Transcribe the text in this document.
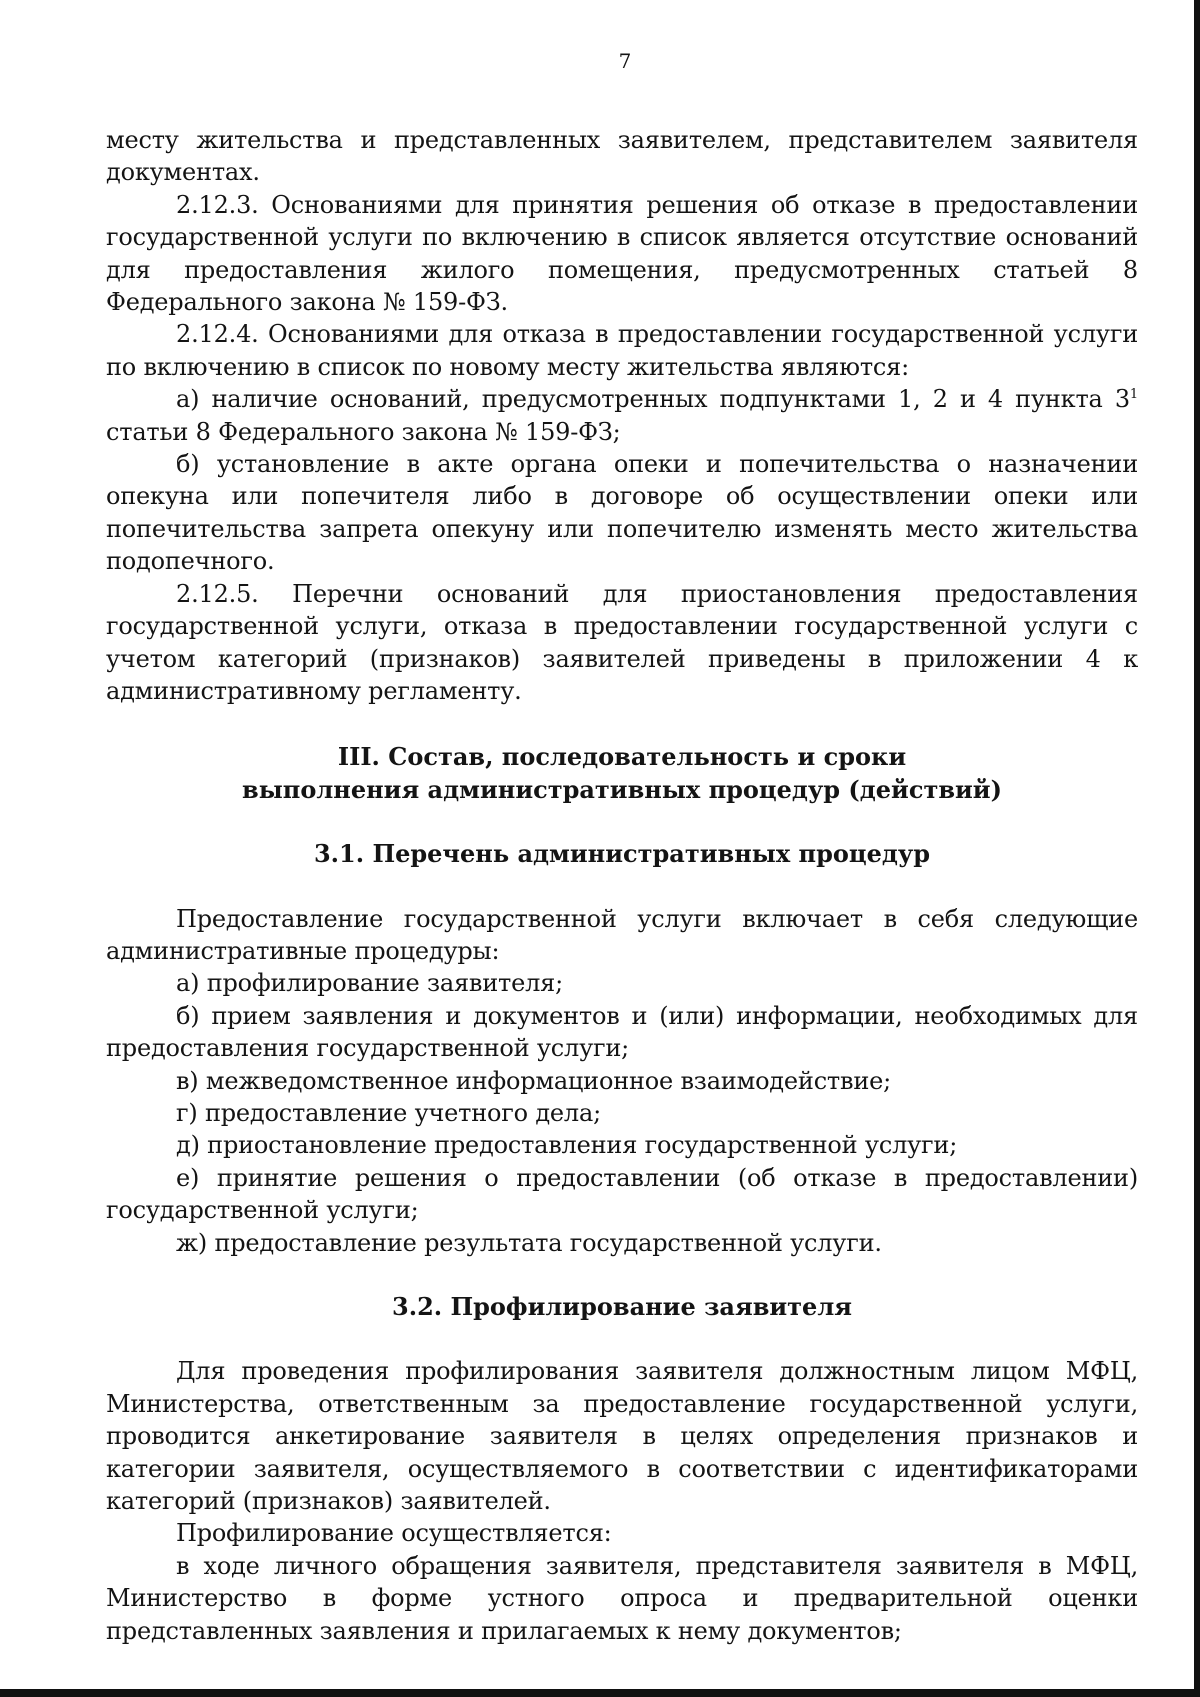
7

месту жительства и представленных заявителем, представителем заявителя документах.

2.12.3. Основаниями для принятия решения об отказе в предоставлении государственной услуги по включению в список является отсутствие оснований для предоставления жилого помещения, предусмотренных статьей 8 Федерального закона № 159-ФЗ.

2.12.4. Основаниями для отказа в предоставлении государственной услуги по включению в список по новому месту жительства являются:

а) наличие оснований, предусмотренных подпунктами 1, 2 и 4 пункта $3^1$ статьи 8 Федерального закона № 159-ФЗ;

б) установление в акте органа опеки и попечительства о назначении опекуна или попечителя либо в договоре об осуществлении опеки или попечительства запрета опекуну или попечителю изменять место жительства подопечного.

2.12.5. Перечни оснований для приостановления предоставления государственной услуги, отказа в предоставлении государственной услуги с учетом категорий (признаков) заявителей приведены в приложении 4 к административному регламенту.

III. Состав, последовательность и сроки

выполнения административных процедур (действий)

3.1. Перечень административных процедур

Предоставление государственной услуги включает в себя следующие административные процедуры:

а) профилирование заявителя;

б) прием заявления и документов и (или) информации, необходимых для предоставления государственной услуги;

в) межведомственное информационное взаимодействие;

г) предоставление учетного дела;

д) приостановление предоставления государственной услуги;

е) принятие решения о предоставлении (об отказе в предоставлении) государственной услуги;

ж) предоставление результата государственной услуги.

3.2. Профилирование заявителя

Для проведения профилирования заявителя должностным лицом МФЦ, Министерства, ответственным за предоставление государственной услуги, проводится анкетирование заявителя в целях определения признаков и категории заявителя, осуществляемого в соответствии с идентификаторами категорий (признаков) заявителей.

Профилирование осуществляется:

в ходе личного обращения заявителя, представителя заявителя в МФЦ, Министерство в форме устного опроса и предварительной оценки представленных заявления и прилагаемых к нему документов;
